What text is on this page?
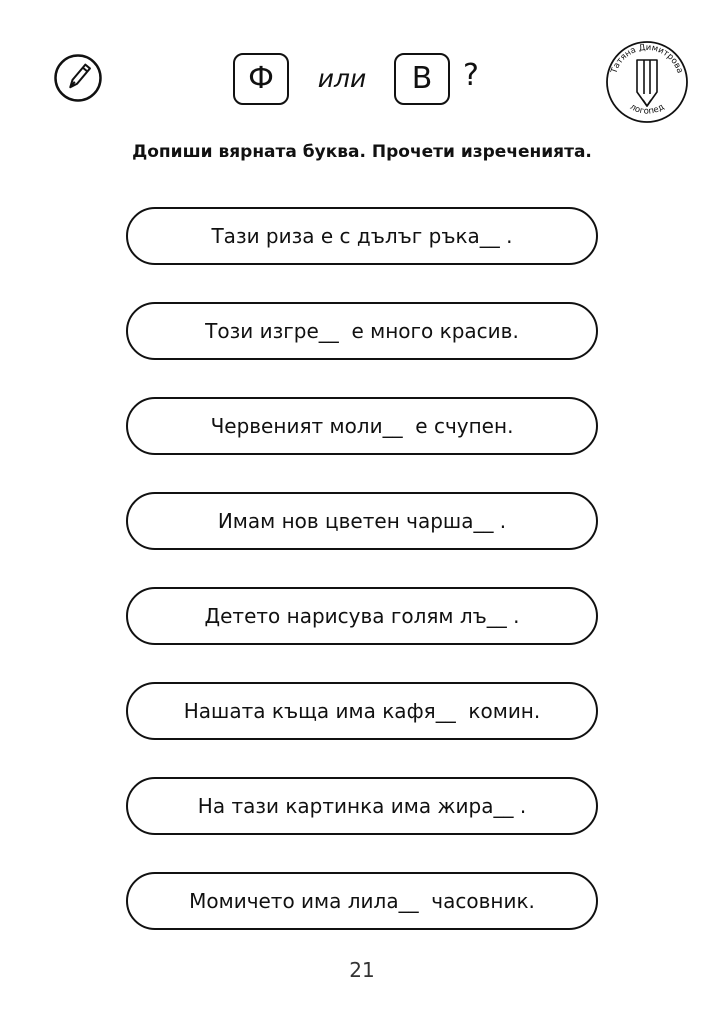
Ф	или	В ?	Татяна Димитрова
логопед
Допиши вярната буква. Прочети изреченията.
Тази риза е с дълъг ръка__ .
Този изгре__  е много красив.
Червеният моли__  е счупен.
Имам нов цветен чарша__ .
Детето нарисува голям лъ__ .
Нашата къща има кафя__  комин.
На тази картинка има жира__ .
Момичето има лила__  часовник.
21
